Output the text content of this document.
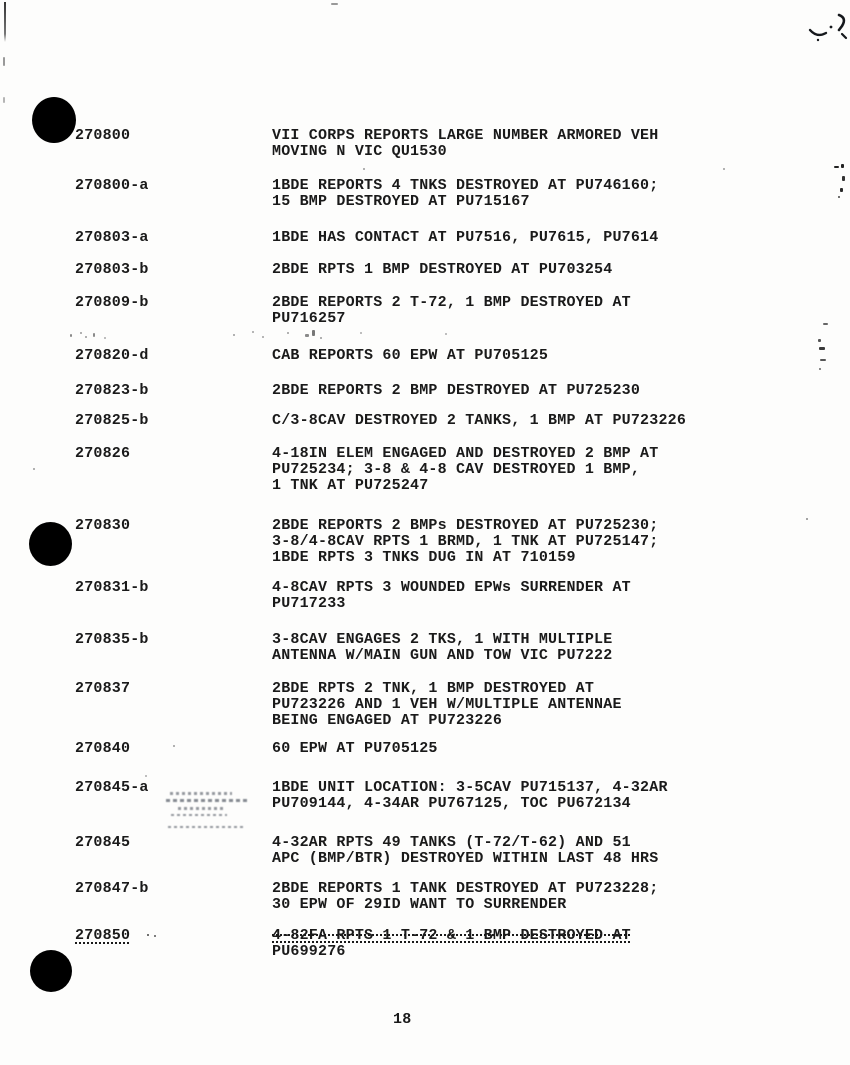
270800	VII CORPS REPORTS LARGE NUMBER ARMORED VEH
MOVING N VIC QU1530
270800-a	1BDE REPORTS 4 TNKS DESTROYED AT PU746160;
15 BMP DESTROYED AT PU715167
270803-a	1BDE HAS CONTACT AT PU7516, PU7615, PU7614
270803-b	2BDE RPTS 1 BMP DESTROYED AT PU703254
270809-b	2BDE REPORTS 2 T-72, 1 BMP DESTROYED AT
PU716257
270820-d	CAB REPORTS 60 EPW AT PU705125
270823-b	2BDE REPORTS 2 BMP DESTROYED AT PU725230
270825-b	C/3-8CAV DESTROYED 2 TANKS, 1 BMP AT PU723226
270826	4-18IN ELEM ENGAGED AND DESTROYED 2 BMP AT
PU725234; 3-8 & 4-8 CAV DESTROYED 1 BMP,
1 TNK AT PU725247
270830	2BDE REPORTS 2 BMPs DESTROYED AT PU725230;
3-8/4-8CAV RPTS 1 BRMD, 1 TNK AT PU725147;
1BDE RPTS 3 TNKS DUG IN AT 710159
270831-b	4-8CAV RPTS 3 WOUNDED EPWs SURRENDER AT
PU717233
270835-b	3-8CAV ENGAGES 2 TKS, 1 WITH MULTIPLE
ANTENNA W/MAIN GUN AND TOW VIC PU7222
270837	2BDE RPTS 2 TNK, 1 BMP DESTROYED AT
PU723226 AND 1 VEH W/MULTIPLE ANTENNAE
BEING ENGAGED AT PU723226
270840	60 EPW AT PU705125
270845-a	1BDE UNIT LOCATION: 3-5CAV PU715137, 4-32AR
PU709144, 4-34AR PU767125, TOC PU672134
270845	4-32AR RPTS 49 TANKS (T-72/T-62) AND 51
APC (BMP/BTR) DESTROYED WITHIN LAST 48 HRS
270847-b	2BDE REPORTS 1 TANK DESTROYED AT PU723228;
30 EPW OF 29ID WANT TO SURRENDER
270850	4-82FA RPTS 1 T-72 & 1 BMP DESTROYED AT
PU699276
18
